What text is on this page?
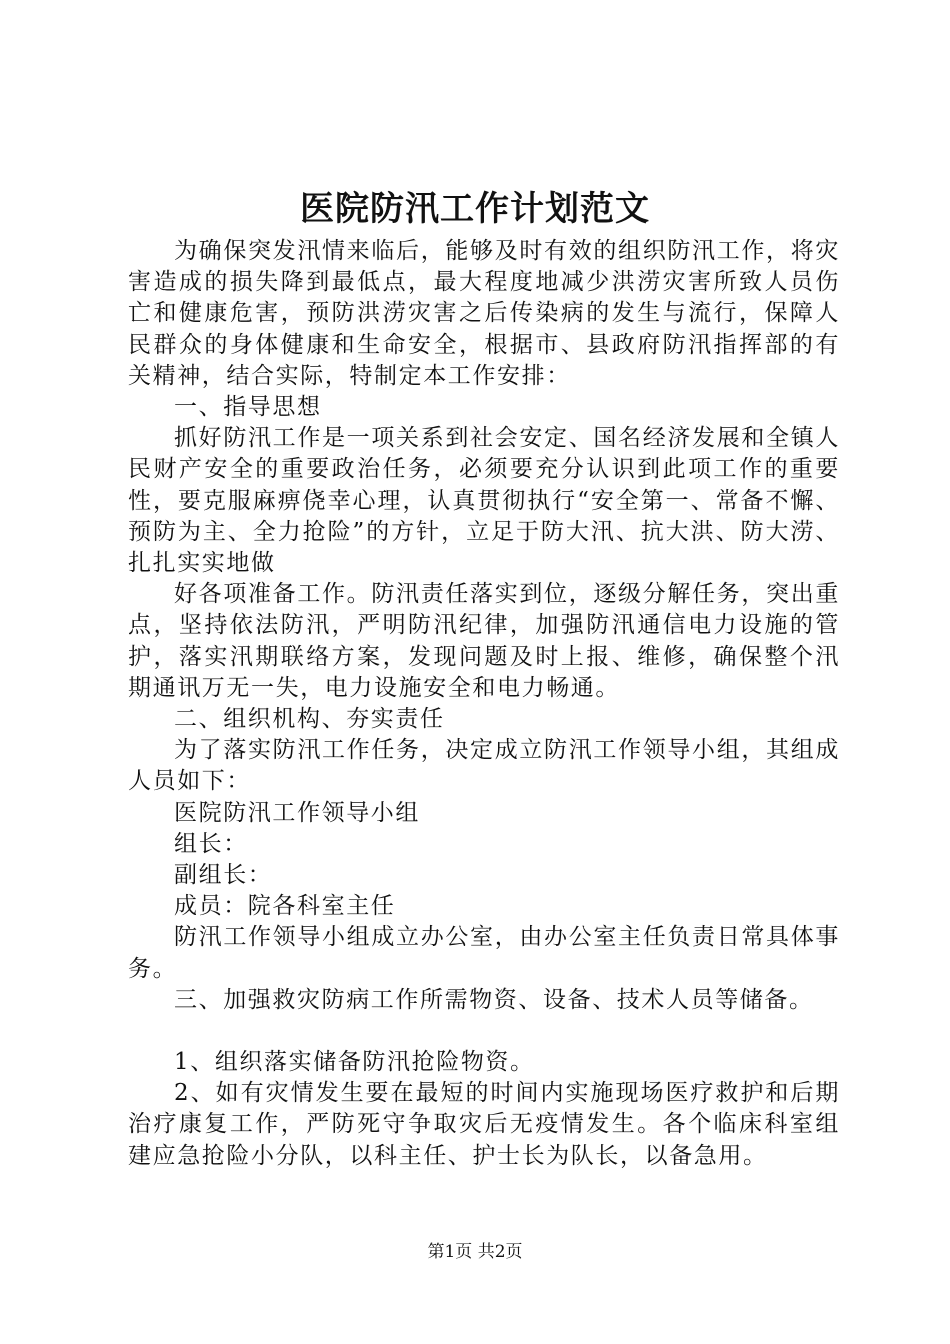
医院防汛工作计划范文

为确保突发汛情来临后，能够及时有效的组织防汛工作，将灾害造成的损失降到最低点，最大程度地减少洪涝灾害所致人员伤亡和健康危害，预防洪涝灾害之后传染病的发生与流行，保障人民群众的身体健康和生命安全，根据市、县政府防汛指挥部的有关精神，结合实际，特制定本工作安排：

一、指导思想

抓好防汛工作是一项关系到社会安定、国名经济发展和全镇人民财产安全的重要政治任务，必须要充分认识到此项工作的重要性，要克服麻痹侥幸心理，认真贯彻执行“安全第一、常备不懈、预防为主、全力抢险”的方针，立足于防大汛、抗大洪、防大涝、扎扎实实地做

好各项准备工作。防汛责任落实到位，逐级分解任务，突出重点，坚持依法防汛，严明防汛纪律，加强防汛通信电力设施的管护，落实汛期联络方案，发现问题及时上报、维修，确保整个汛期通讯万无一失，电力设施安全和电力畅通。

二、组织机构、夯实责任

为了落实防汛工作任务，决定成立防汛工作领导小组，其组成人员如下：

医院防汛工作领导小组

组长：

副组长：

成员：院各科室主任

防汛工作领导小组成立办公室，由办公室主任负责日常具体事务。

三、加强救灾防病工作所需物资、设备、技术人员等储备。

1、组织落实储备防汛抢险物资。

2、如有灾情发生要在最短的时间内实施现场医疗救护和后期治疗康复工作，严防死守争取灾后无疫情发生。各个临床科室组建应急抢险小分队，以科主任、护士长为队长，以备急用。

第1页 共2页
